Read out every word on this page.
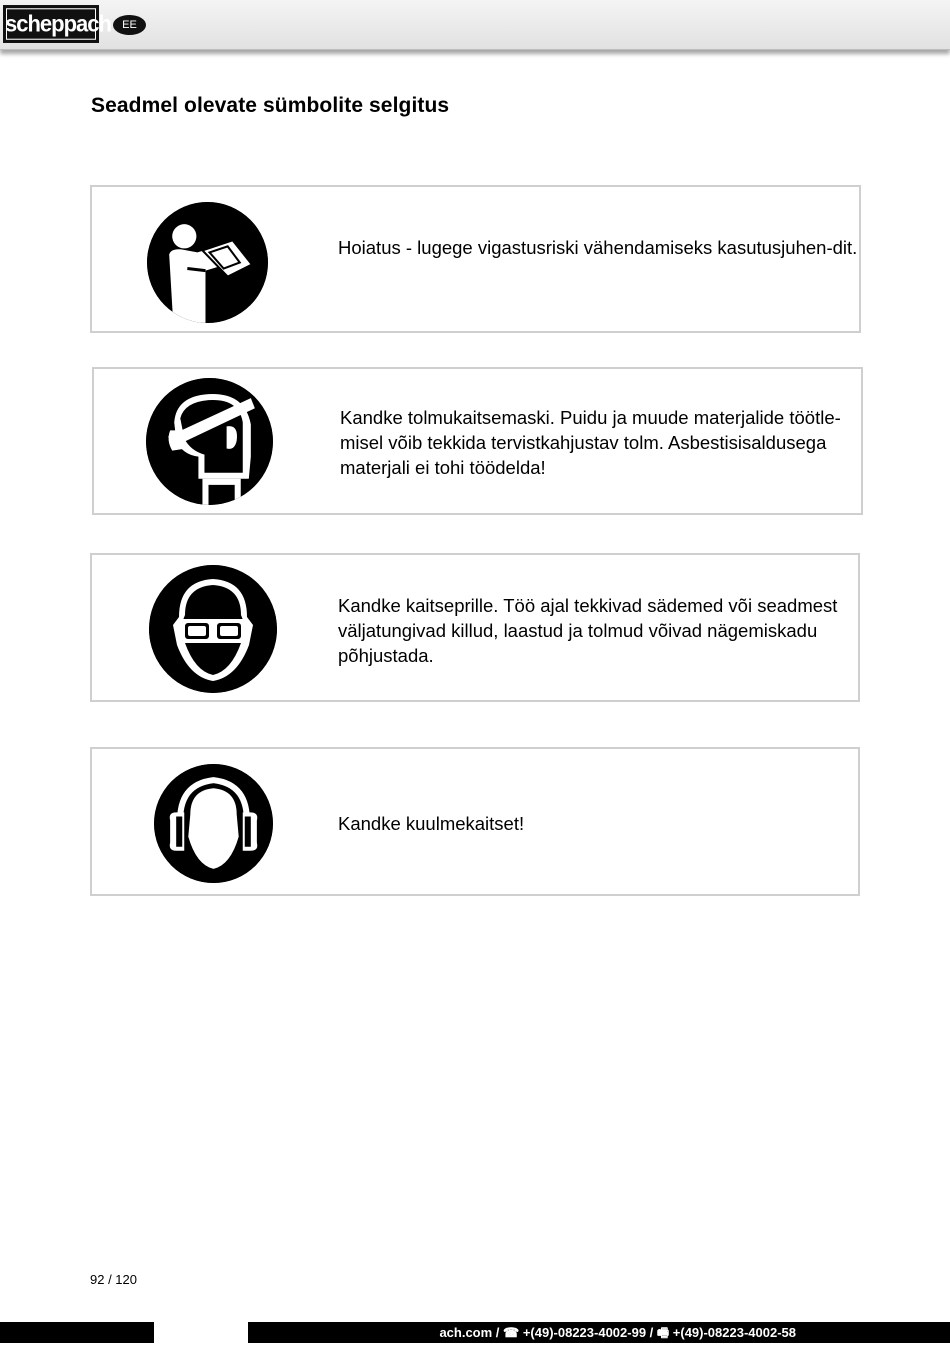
scheppach	EE
Seadmel olevate sümbolite selgitus
Hoiatus - lugege vigastusriski vähendamiseks kasutusjuhen-dit.
Kandke tolmukaitsemaski. Puidu ja muude materjalide töötle-misel võib tekkida tervistkahjustav tolm. Asbestisisaldusega materjali ei tohi töödelda!
Kandke kaitseprille. Töö ajal tekkivad sädemed või seadmest väljatungivad killud, laastud ja tolmud võivad nägemiskadu põhjustada.
Kandke kuulmekaitset!
92 / 120
ach.com / ☎ +(49)-08223-4002-99 / 🖷 +(49)-08223-4002-58
